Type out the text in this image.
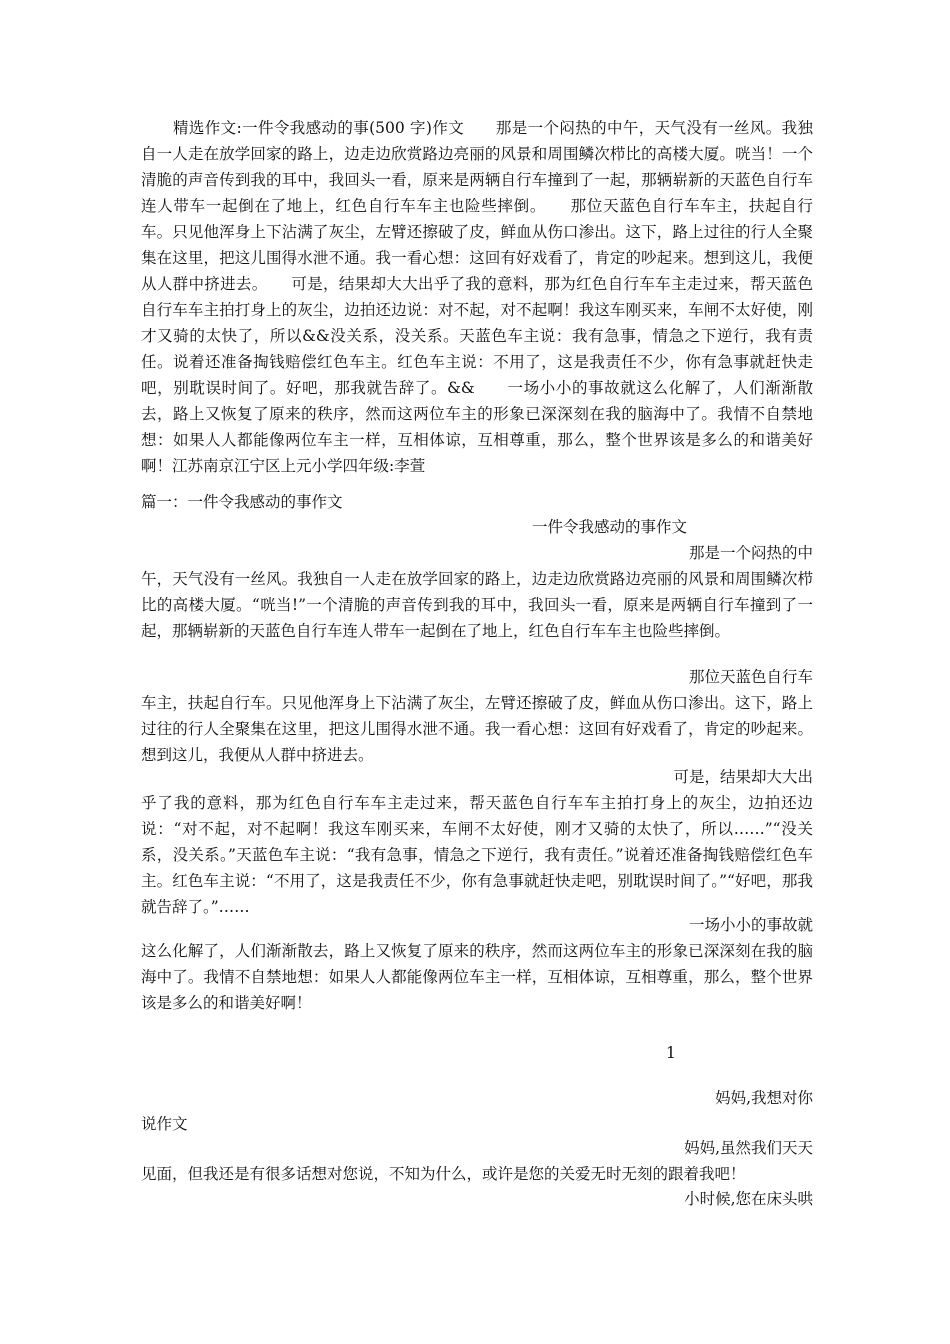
精选作文:一件令我感动的事(500 字)作文　　那是一个闷热的中午，天气没有一丝风。我独自一人走在放学回家的路上，边走边欣赏路边亮丽的风景和周围鳞次栉比的高楼大厦。咣当！一个清脆的声音传到我的耳中，我回头一看，原来是两辆自行车撞到了一起，那辆崭新的天蓝色自行车连人带车一起倒在了地上，红色自行车车主也险些摔倒。　　那位天蓝色自行车车主，扶起自行车。只见他浑身上下沾满了灰尘，左臂还擦破了皮，鲜血从伤口渗出。这下，路上过往的行人全聚集在这里，把这儿围得水泄不通。我一看心想：这回有好戏看了，肯定的吵起来。想到这儿，我便从人群中挤进去。　　可是，结果却大大出乎了我的意料，那为红色自行车车主走过来，帮天蓝色自行车车主拍打身上的灰尘，边拍还边说：对不起，对不起啊！我这车刚买来，车闸不太好使，刚才又骑的太快了，所以&&没关系，没关系。天蓝色车主说：我有急事，情急之下逆行，我有责任。说着还准备掏钱赔偿红色车主。红色车主说：不用了，这是我责任不少，你有急事就赶快走吧，别耽误时间了。好吧，那我就告辞了。&&　　一场小小的事故就这么化解了，人们渐渐散去，路上又恢复了原来的秩序，然而这两位车主的形象已深深刻在我的脑海中了。我情不自禁地想：如果人人都能像两位车主一样，互相体谅，互相尊重，那么，整个世界该是多么的和谐美好啊！江苏南京江宁区上元小学四年级:李萱

篇一：一件令我感动的事作文
一件令我感动的事作文
那是一个闷热的中
午，天气没有一丝风。我独自一人走在放学回家的路上，边走边欣赏路边亮丽的风景和周围鳞次栉比的高楼大厦。“咣当!”一个清脆的声音传到我的耳中，我回头一看，原来是两辆自行车撞到了一起，那辆崭新的天蓝色自行车连人带车一起倒在了地上，红色自行车车主也险些摔倒。
那位天蓝色自行车
车主，扶起自行车。只见他浑身上下沾满了灰尘，左臂还擦破了皮，鲜血从伤口渗出。这下，路上过往的行人全聚集在这里，把这儿围得水泄不通。我一看心想：这回有好戏看了，肯定的吵起来。想到这儿，我便从人群中挤进去。
可是，结果却大大出
乎了我的意料，那为红色自行车车主走过来，帮天蓝色自行车车主拍打身上的灰尘，边拍还边说：“对不起，对不起啊！我这车刚买来，车闸不太好使，刚才又骑的太快了，所以……”“没关系，没关系。”天蓝色车主说：“我有急事，情急之下逆行，我有责任。”说着还准备掏钱赔偿红色车主。红色车主说：“不用了，这是我责任不少，你有急事就赶快走吧，别耽误时间了。”“好吧，那我就告辞了。”……
一场小小的事故就
这么化解了，人们渐渐散去，路上又恢复了原来的秩序，然而这两位车主的形象已深深刻在我的脑海中了。我情不自禁地想：如果人人都能像两位车主一样，互相体谅，互相尊重，那么，整个世界该是多么的和谐美好啊！

1

妈妈,我想对你
说作文
妈妈,虽然我们天天
见面，但我还是有很多话想对您说，不知为什么，或许是您的关爱无时无刻的跟着我吧！
小时候,您在床头哄
